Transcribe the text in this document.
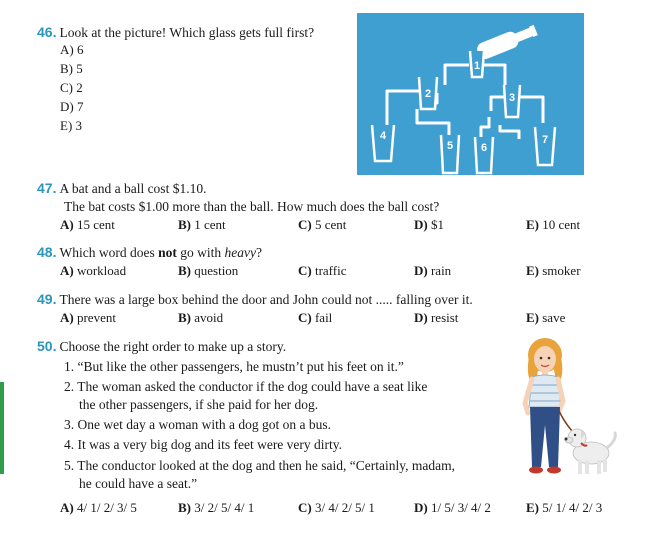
46. Look at the picture! Which glass gets full first?
A) 6
B) 5
C) 2
D) 7
E) 3
1
2	3
4
5	6
7
47. A bat and a ball cost $1.10.
The bat costs $1.00 more than the ball. How much does the ball cost?
A) 15 cent	B) 1 cent	C) 5 cent	D) $1	E) 10 cent
48. Which word does not go with heavy?
A) workload	B) question	C) traffic	D) rain	E) smoker
49. There was a large box behind the door and John could not ..... falling over it.
A) prevent	B) avoid	C) fail	D) resist	E) save
50. Choose the right order to make up a story.
1. “But like the other passengers, he mustn’t put his feet on it.”
2. The woman asked the conductor if the dog could have a seat like
the other passengers, if she paid for her dog.
3. One wet day a woman with a dog got on a bus.
4. It was a very big dog and its feet were very dirty.
5. The conductor looked at the dog and then he said, “Certainly, madam,
he could have a seat.”
A) 4/ 1/ 2/ 3/ 5	B) 3/ 2/ 5/ 4/ 1	C) 3/ 4/ 2/ 5/ 1	D) 1/ 5/ 3/ 4/ 2	E) 5/ 1/ 4/ 2/ 3
